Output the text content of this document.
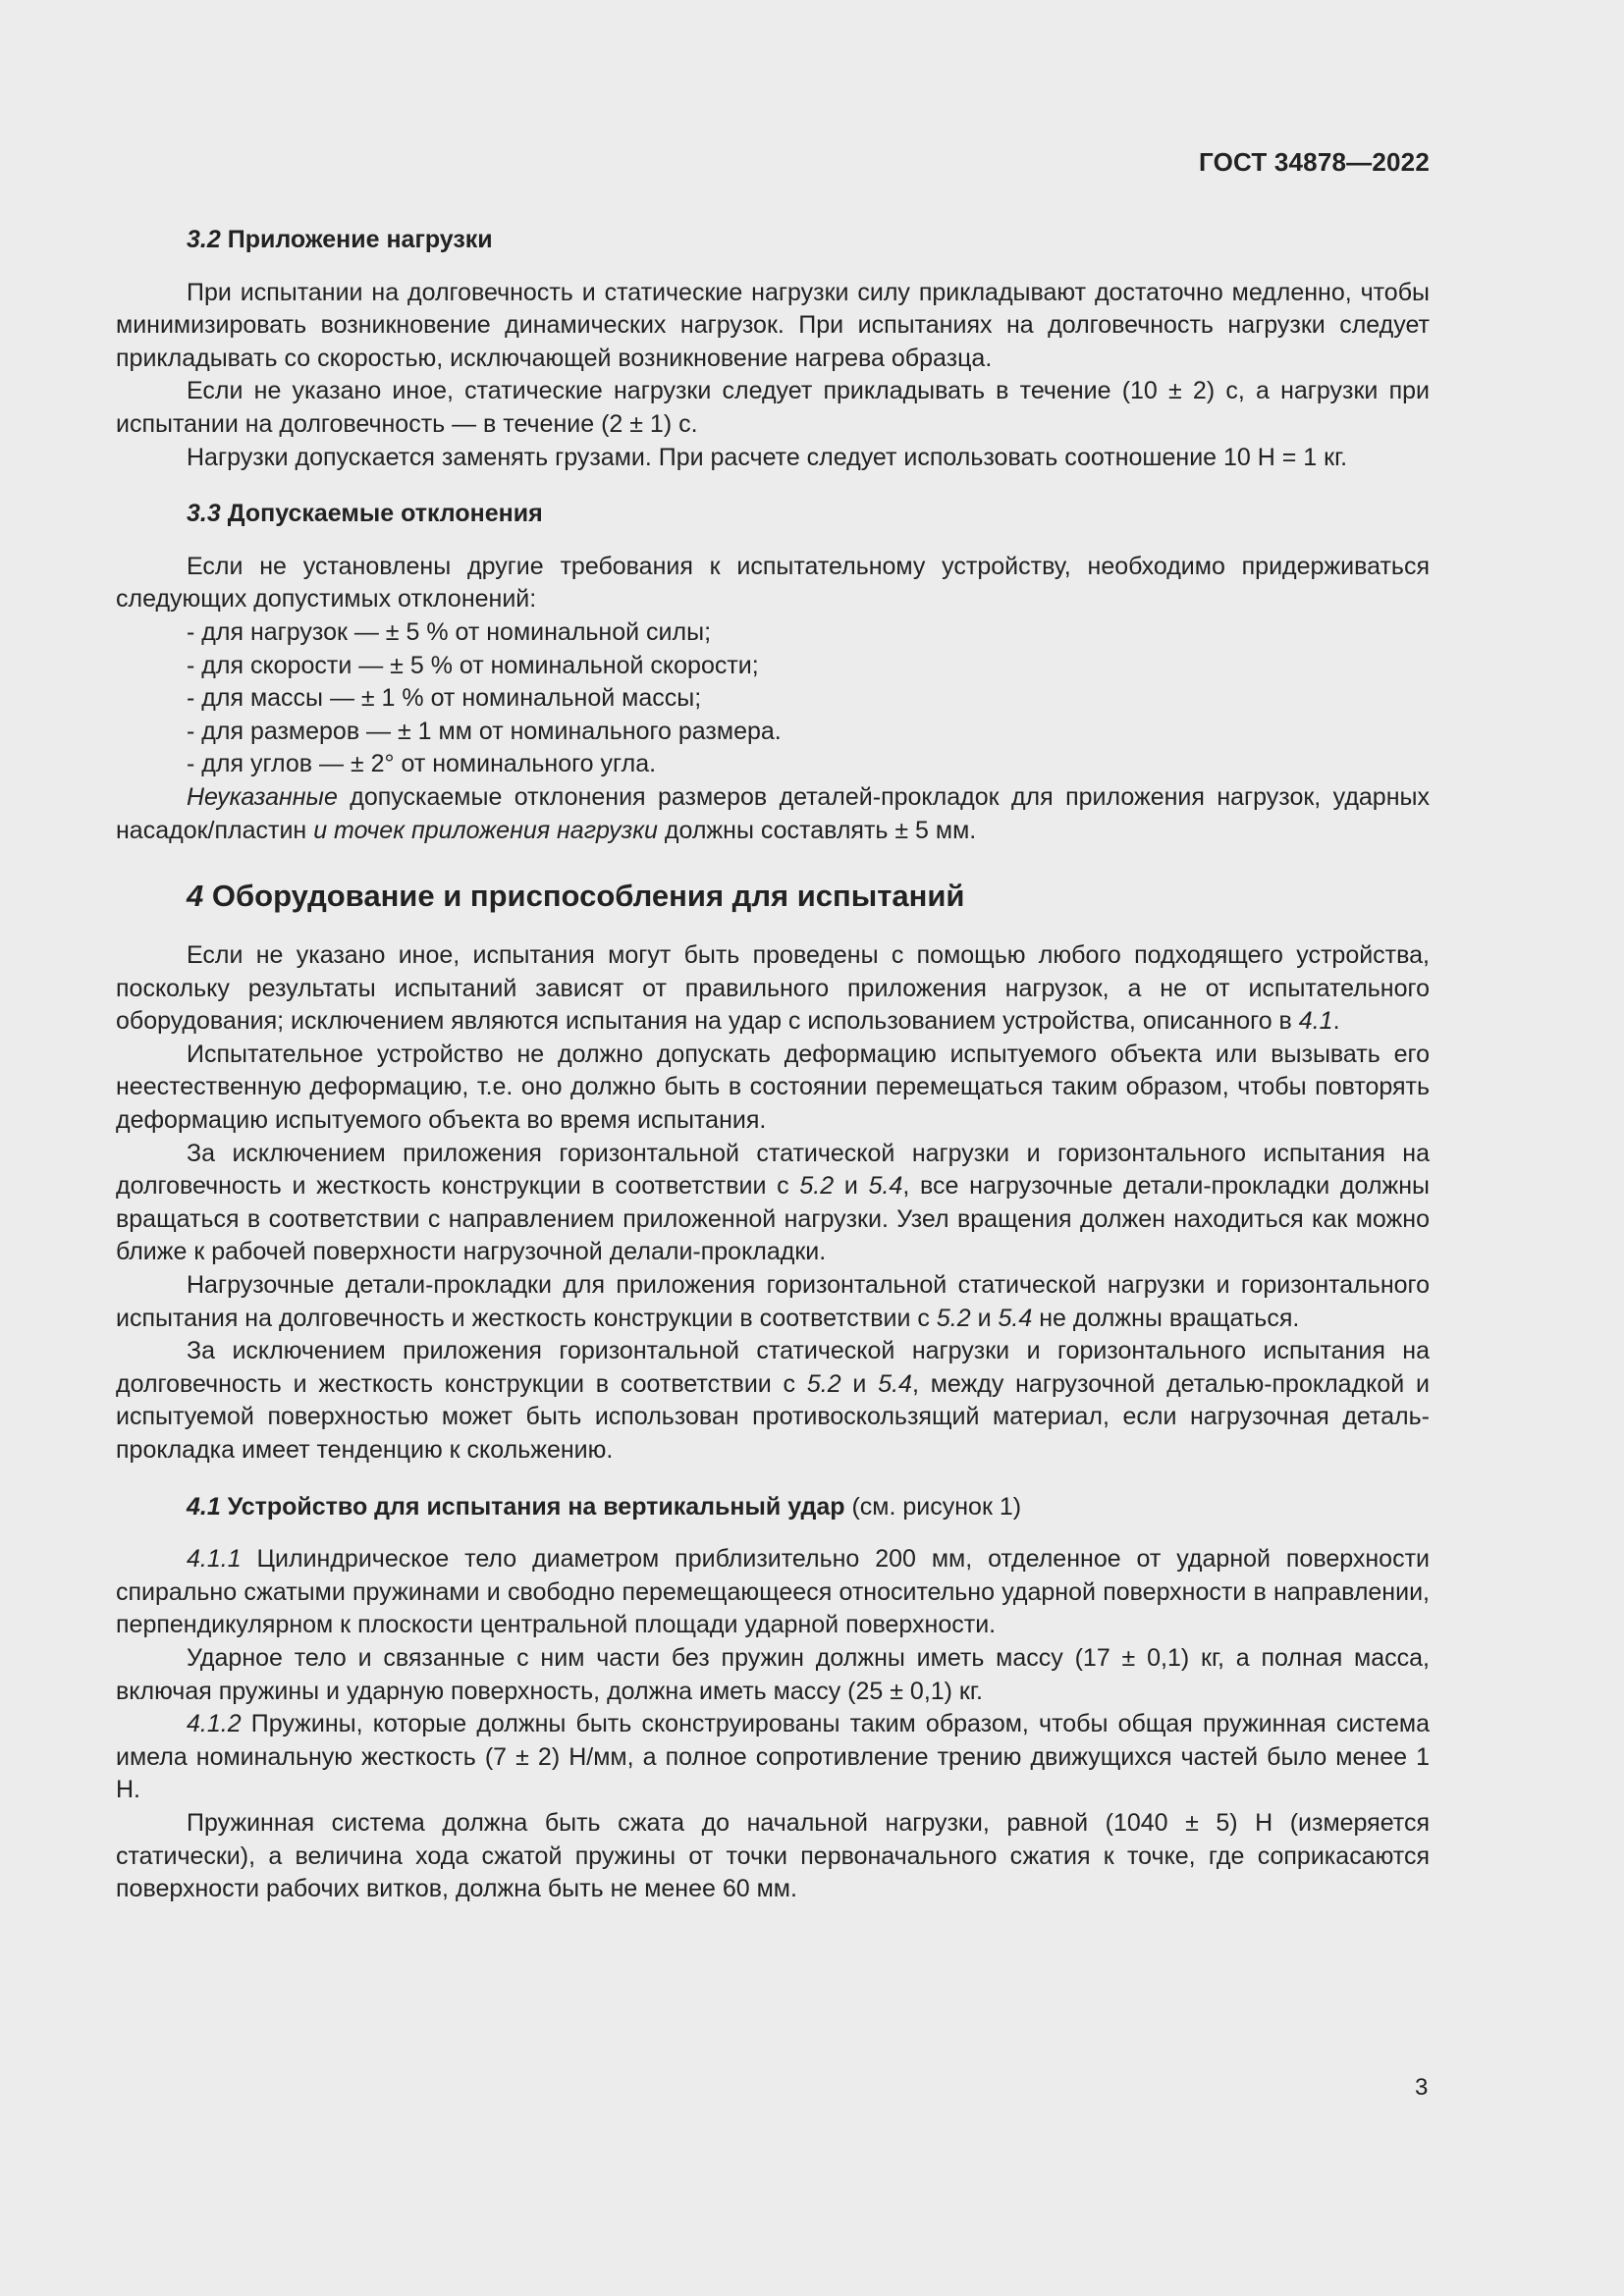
ГОСТ 34878—2022
3.2 Приложение нагрузки

При испытании на долговечность и статические нагрузки силу прикладывают достаточно медленно, чтобы минимизировать возникновение динамических нагрузок. При испытаниях на долговечность нагрузки следует прикладывать со скоростью, исключающей возникновение нагрева образца.

Если не указано иное, статические нагрузки следует прикладывать в течение (10 ± 2) с, а нагрузки при испытании на долговечность — в течение (2 ± 1) с.

Нагрузки допускается заменять грузами. При расчете следует использовать соотношение 10 Н = 1 кг.

3.3 Допускаемые отклонения

Если не установлены другие требования к испытательному устройству, необходимо придерживаться следующих допустимых отклонений:

- для нагрузок — ± 5 % от номинальной силы;
- для скорости — ± 5 % от номинальной скорости;
- для массы — ± 1 % от номинальной массы;
- для размеров — ± 1 мм от номинального размера.
- для углов — ± 2° от номинального угла.

Неуказанные допускаемые отклонения размеров деталей-прокладок для приложения нагрузок, ударных насадок/пластин и точек приложения нагрузки должны составлять ± 5 мм.

4 Оборудование и приспособления для испытаний

Если не указано иное, испытания могут быть проведены с помощью любого подходящего устройства, поскольку результаты испытаний зависят от правильного приложения нагрузок, а не от испытательного оборудования; исключением являются испытания на удар с использованием устройства, описанного в 4.1.

Испытательное устройство не должно допускать деформацию испытуемого объекта или вызывать его неестественную деформацию, т.е. оно должно быть в состоянии перемещаться таким образом, чтобы повторять деформацию испытуемого объекта во время испытания.

За исключением приложения горизонтальной статической нагрузки и горизонтального испытания на долговечность и жесткость конструкции в соответствии с 5.2 и 5.4, все нагрузочные детали-прокладки должны вращаться в соответствии с направлением приложенной нагрузки. Узел вращения должен находиться как можно ближе к рабочей поверхности нагрузочной делали-прокладки.

Нагрузочные детали-прокладки для приложения горизонтальной статической нагрузки и горизонтального испытания на долговечность и жесткость конструкции в соответствии с 5.2 и 5.4 не должны вращаться.

За исключением приложения горизонтальной статической нагрузки и горизонтального испытания на долговечность и жесткость конструкции в соответствии с 5.2 и 5.4, между нагрузочной деталью-прокладкой и испытуемой поверхностью может быть использован противоскользящий материал, если нагрузочная деталь-прокладка имеет тенденцию к скольжению.

4.1 Устройство для испытания на вертикальный удар (см. рисунок 1)

4.1.1 Цилиндрическое тело диаметром приблизительно 200 мм, отделенное от ударной поверхности спирально сжатыми пружинами и свободно перемещающееся относительно ударной поверхности в направлении, перпендикулярном к плоскости центральной площади ударной поверхности.

Ударное тело и связанные с ним части без пружин должны иметь массу (17 ± 0,1) кг, а полная масса, включая пружины и ударную поверхность, должна иметь массу (25 ± 0,1) кг.

4.1.2 Пружины, которые должны быть сконструированы таким образом, чтобы общая пружинная система имела номинальную жесткость (7 ± 2) Н/мм, а полное сопротивление трению движущихся частей было менее 1 Н.

Пружинная система должна быть сжата до начальной нагрузки, равной (1040 ± 5) Н (измеряется статически), а величина хода сжатой пружины от точки первоначального сжатия к точке, где соприкасаются поверхности рабочих витков, должна быть не менее 60 мм.

3
